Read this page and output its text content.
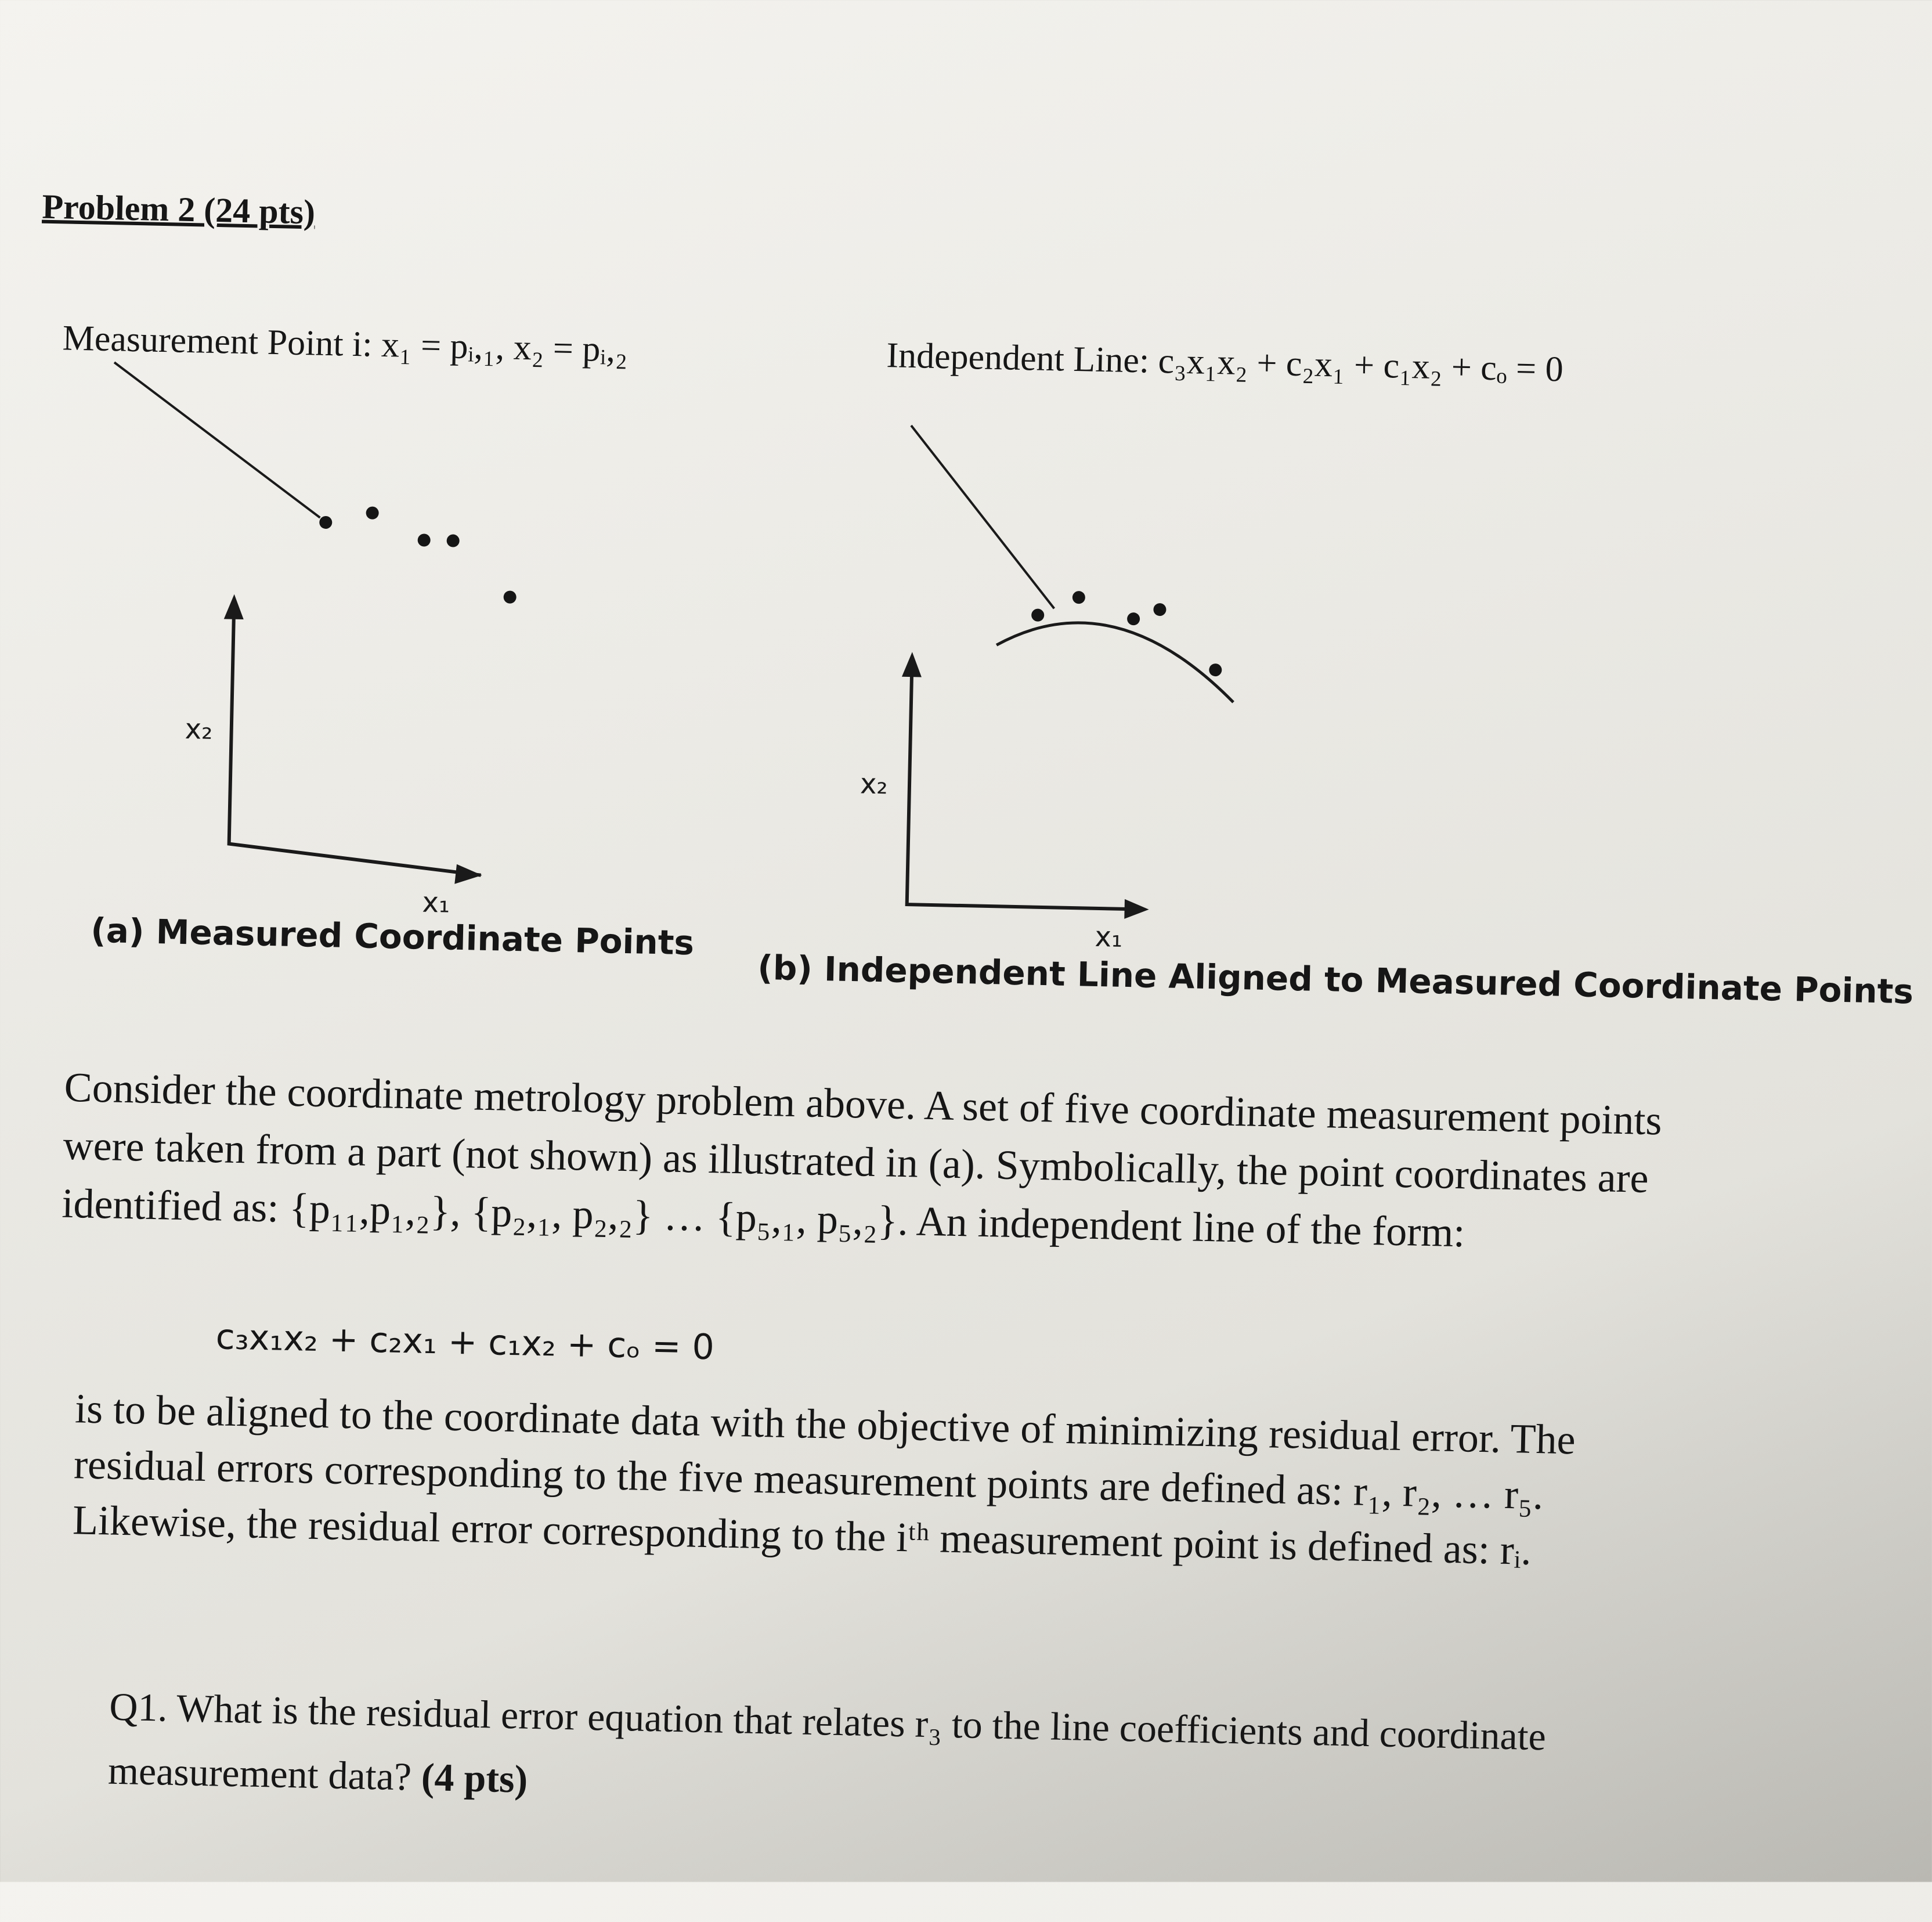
Problem 2 (24 pts)
Measurement Point i: x₁ = pᵢ,₁, x₂ = pᵢ,₂	Independent Line: c₃x₁x₂ + c₂x₁ + c₁x₂ + cₒ = 0
x₂
x₁
x₂
x₁
(a) Measured Coordinate Points
(b) Independent Line Aligned to Measured Coordinate Points
Consider the coordinate metrology problem above. A set of five coordinate measurement points
were taken from a part (not shown) as illustrated in (a). Symbolically, the point coordinates are
identified as: {p₁₁,p₁,₂}, {p₂,₁, p₂,₂} … {p₅,₁, p₅,₂}. An independent line of the form:
c₃x₁x₂ + c₂x₁ + c₁x₂ + cₒ = 0
is to be aligned to the coordinate data with the objective of minimizing residual error. The
residual errors corresponding to the five measurement points are defined as: r₁, r₂, … r₅.
Likewise, the residual error corresponding to the iᵗʰ measurement point is defined as: rᵢ.
Q1. What is the residual error equation that relates r₃ to the line coefficients and coordinate
measurement data? (4 pts)
